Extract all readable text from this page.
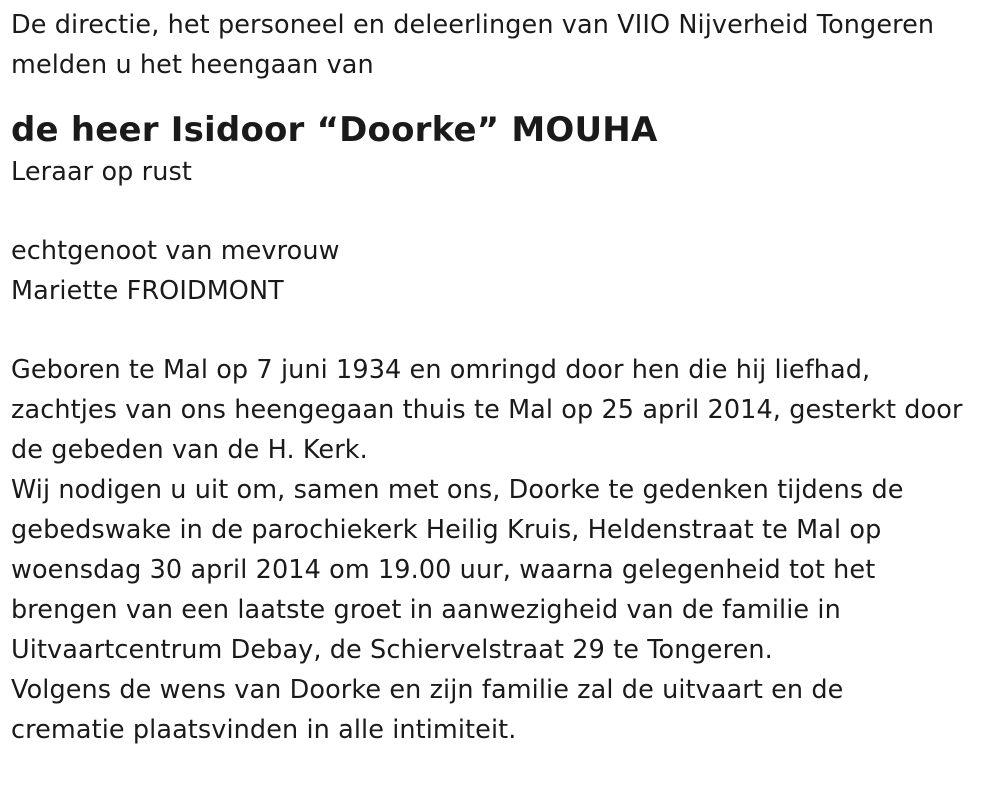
De directie, het personeel en deleerlingen van VIIO Nijverheid Tongeren
melden u het heengaan van
de heer Isidoor “Doorke” MOUHA
Leraar op rust
echtgenoot van mevrouw
Mariette FROIDMONT
Geboren te Mal op 7 juni 1934 en omringd door hen die hij liefhad,
zachtjes van ons heengegaan thuis te Mal op 25 april 2014, gesterkt door
de gebeden van de H. Kerk.
Wij nodigen u uit om, samen met ons, Doorke te gedenken tijdens de
gebedswake in de parochiekerk Heilig Kruis, Heldenstraat te Mal op
woensdag 30 april 2014 om 19.00 uur, waarna gelegenheid tot het
brengen van een laatste groet in aanwezigheid van de familie in
Uitvaartcentrum Debay, de Schiervelstraat 29 te Tongeren.
Volgens de wens van Doorke en zijn familie zal de uitvaart en de
crematie plaatsvinden in alle intimiteit.
